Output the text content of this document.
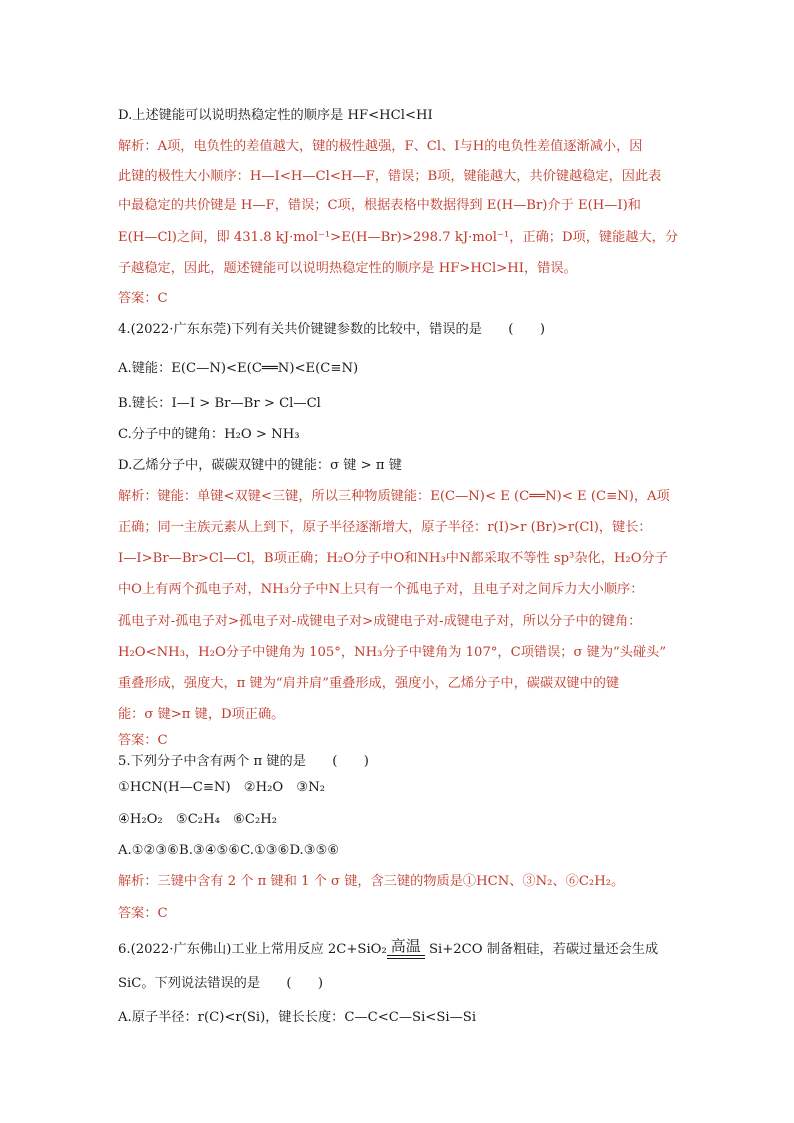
D.上述键能可以说明热稳定性的顺序是 HF<HCl<HI
解析：A项，电负性的差值越大，键的极性越强，F、Cl、I与H的电负性差值逐渐减小，因
此键的极性大小顺序：H—I<H—Cl<H—F，错误；B项，键能越大，共价键越稳定，因此表
中最稳定的共价键是 H—F，错误；C项，根据表格中数据得到 E(H—Br)介于 E(H—I)和
E(H—Cl)之间，即 431.8 kJ·mol⁻¹>E(H—Br)>298.7 kJ·mol⁻¹，正确；D项，键能越大，分
子越稳定，因此，题述键能可以说明热稳定性的顺序是 HF>HCl>HI，错误。
答案：C
4.(2022·广东东莞)下列有关共价键键参数的比较中，错误的是　　(　　)
A.键能：E(C—N)<E(C══N)<E(C≡N)
B.键长：I—I > Br—Br > Cl—Cl
C.分子中的键角：H₂O > NH₃
D.乙烯分子中，碳碳双键中的键能：σ 键 > π 键
解析：键能：单键<双键<三键，所以三种物质键能：E(C—N)< E (C══N)< E (C≡N)，A项
正确；同一主族元素从上到下，原子半径逐渐增大，原子半径：r(I)>r (Br)>r(Cl)，键长：
I—I>Br—Br>Cl—Cl，B项正确；H₂O分子中O和NH₃中N都采取不等性 sp³杂化，H₂O分子
中O上有两个孤电子对，NH₃分子中N上只有一个孤电子对，且电子对之间斥力大小顺序：
孤电子对-孤电子对>孤电子对-成键电子对>成键电子对-成键电子对，所以分子中的键角：
H₂O<NH₃，H₂O分子中键角为 105°，NH₃分子中键角为 107°，C项错误；σ 键为“头碰头”
重叠形成，强度大，π 键为“肩并肩”重叠形成，强度小，乙烯分子中，碳碳双键中的键
能：σ 键>π 键，D项正确。
答案：C
5.下列分子中含有两个 π 键的是　　(　　)
①HCN(H—C≡N)　②H₂O　③N₂
④H₂O₂　⑤C₂H₄　⑥C₂H₂
A.①②③⑥B.③④⑤⑥C.①③⑥D.③⑤⑥
解析：三键中含有 2 个 π 键和 1 个 σ 键，含三键的物质是①HCN、③N₂、⑥C₂H₂。
答案：C
SiC。下列说法错误的是　　(　　)
A.原子半径：r(C)<r(Si)，键长长度：C—C<C—Si<Si—Si
6.(2022·广东佛山)工业上常用反应 2C+SiO₂ 高温 Si+2CO 制备粗硅，若碳过量还会生成
